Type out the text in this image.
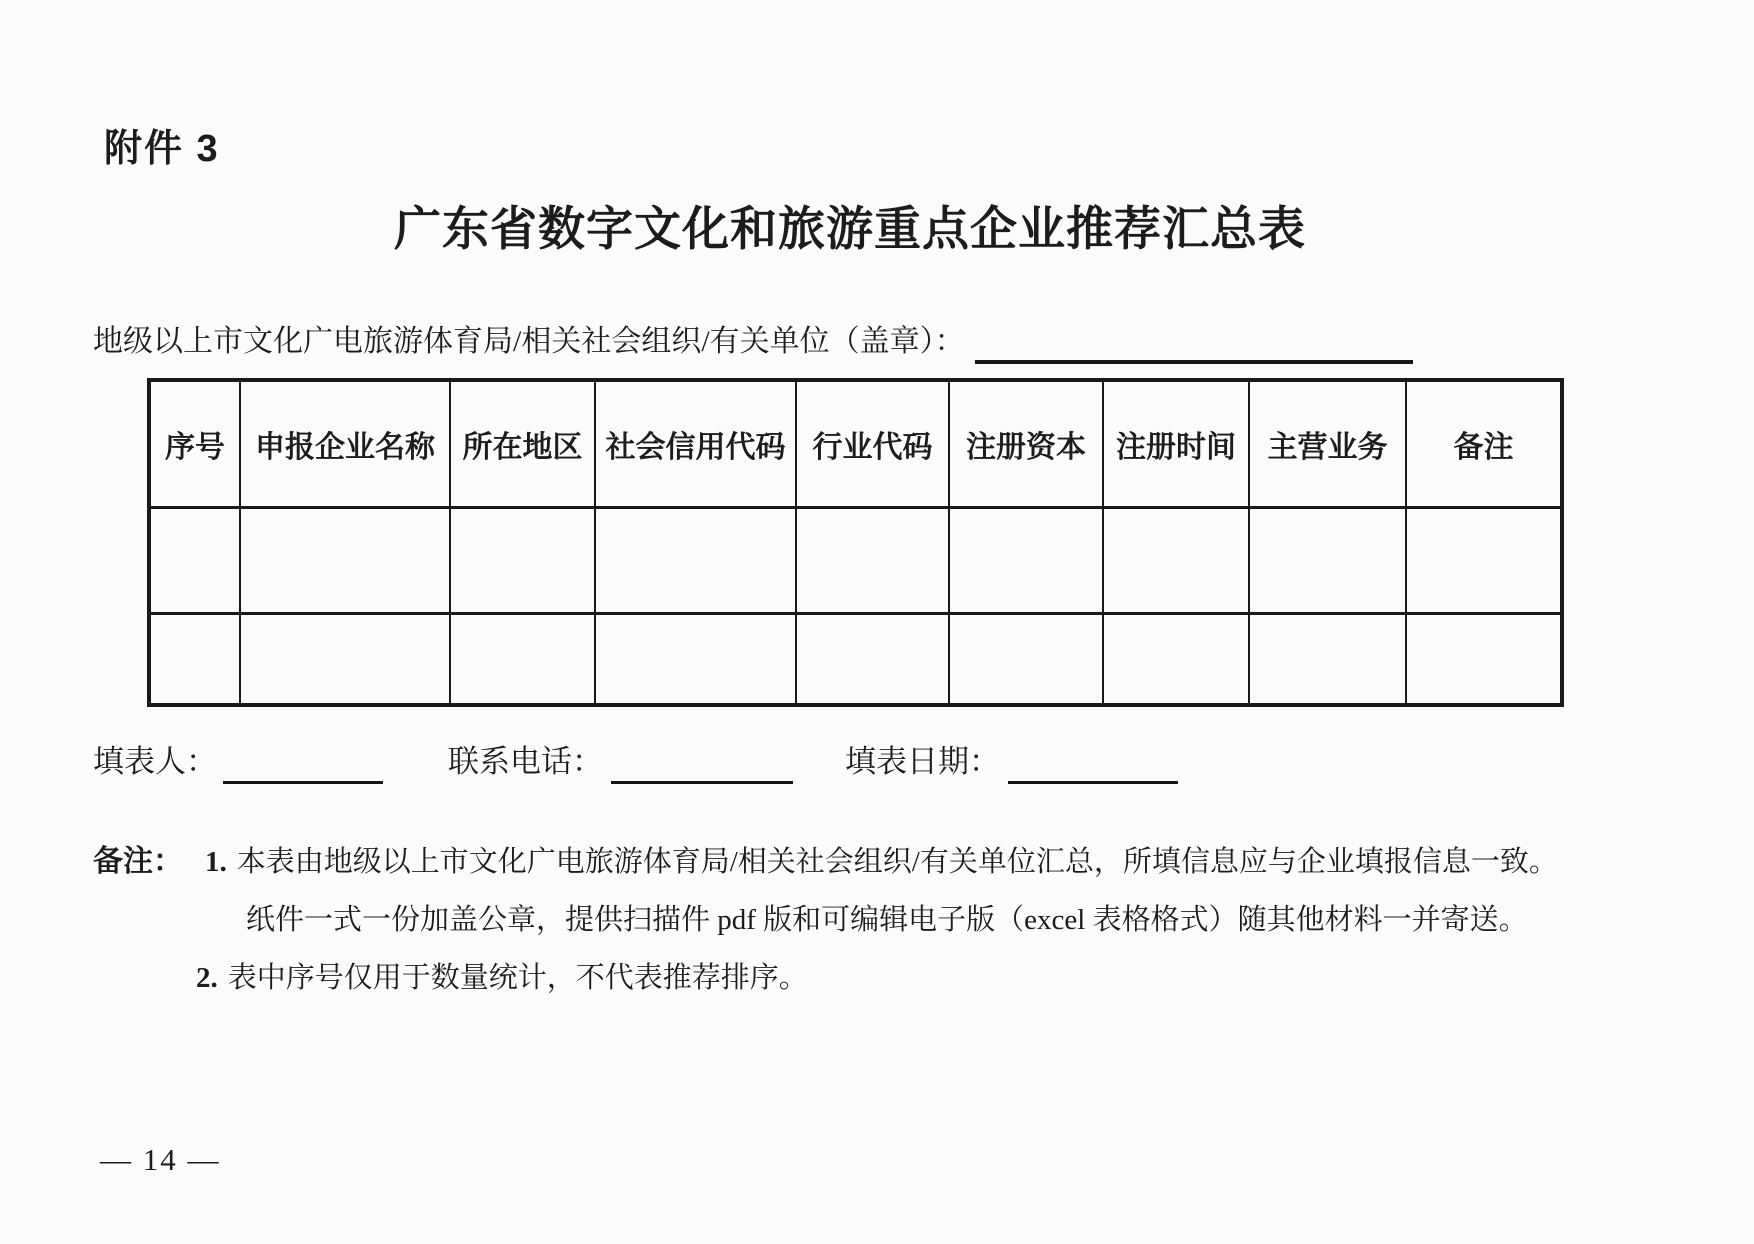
附件 3
广东省数字文化和旅游重点企业推荐汇总表
地级以上市文化广电旅游体育局/相关社会组织/有关单位（盖章）：
序号	申报企业名称	所在地区	社会信用代码	行业代码	注册资本	注册时间	主营业务	备注

填表人：	联系电话：	填表日期：
备注： 1. 本表由地级以上市文化广电旅游体育局/相关社会组织/有关单位汇总，所填信息应与企业填报信息一致。
纸件一式一份加盖公章，提供扫描件 pdf 版和可编辑电子版（excel 表格格式）随其他材料一并寄送。
2. 表中序号仅用于数量统计，不代表推荐排序。
— 14 —
